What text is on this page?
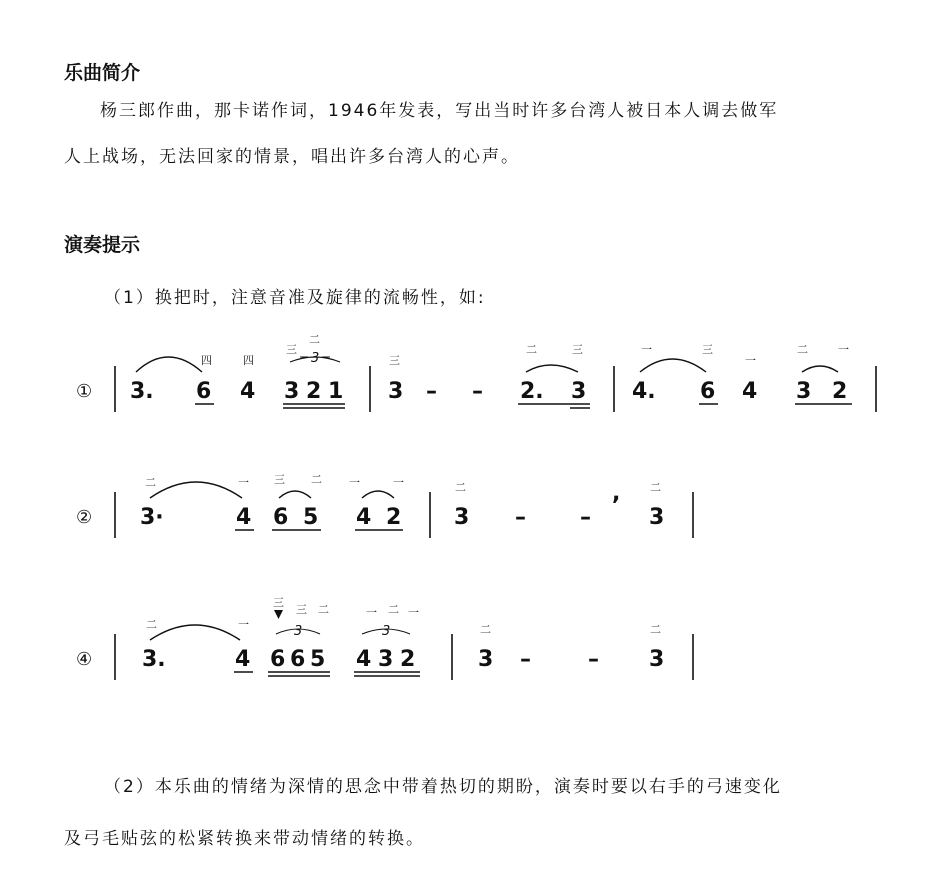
乐曲简介
杨三郎作曲，那卡诺作词，1946年发表，写出当时许多台湾人被日本人调去做军
人上战场，无法回家的情景，唱出许多台湾人的心声。
演奏提示
（1）换把时，注意音准及旋律的流畅性，如:
① 3. 6 4 3 2 1 3 – – 2. 3 4. 6 4 3 2
四	四
三
二
三
二	三	一	三
一
二	一
3
② 3·	4 6 5 4 2 3 – –
,
3
二	一 三 二 一	一	二	二
④ 3.	4 6 6 5 4 3 2	3 –	– 3
3	3
二	一
三
三 二	一 二 一
二	二
（2）本乐曲的情绪为深情的思念中带着热切的期盼，演奏时要以右手的弓速变化
及弓毛贴弦的松紧转换来带动情绪的转换。
